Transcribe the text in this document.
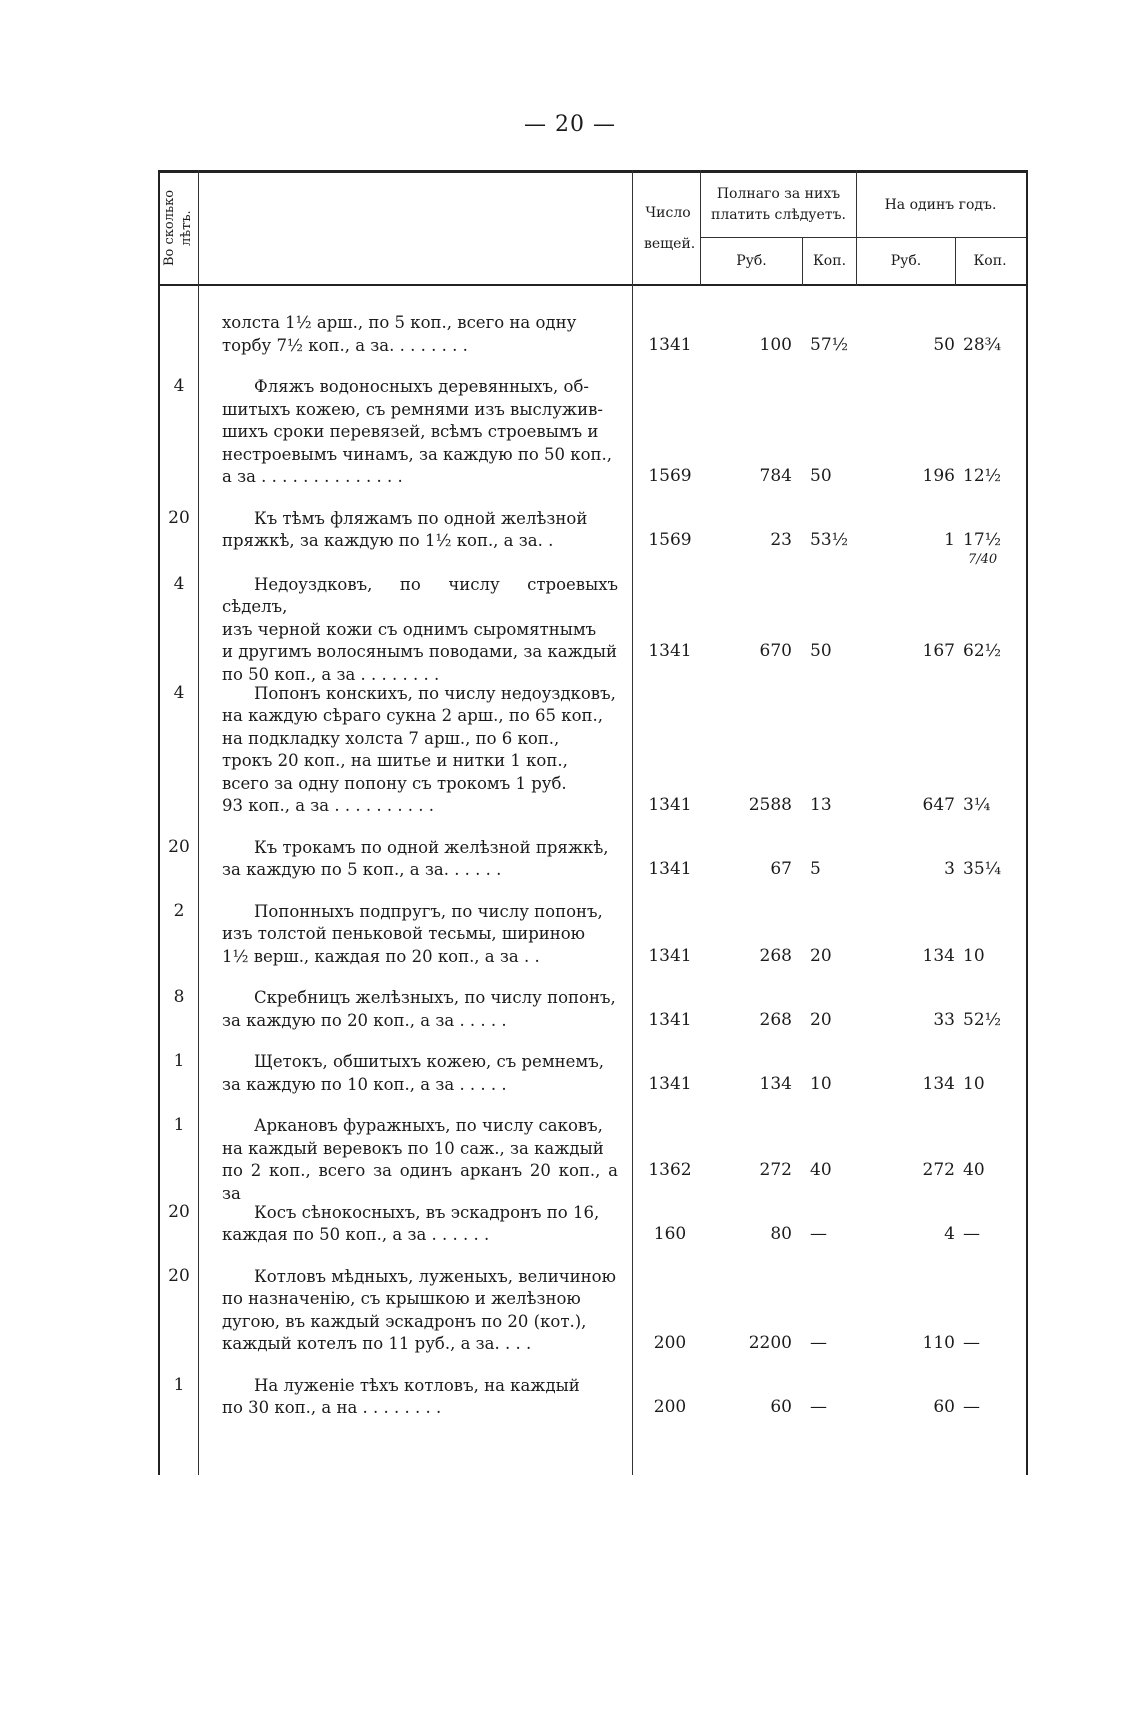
— 20 —
Во сколько лѣтъ.	Число вещей.
Полнаго за нихъ платить слѣдуетъ.
На одинъ годъ.
Руб.	Коп.	Руб.	Коп.
холста 1½ арш., по 5 коп., всего на одну
торбу 7½ коп., а за. . . . . . . .	1341	100 57½	50 28¾
4	Фляжъ водоносныхъ деревянныхъ, об-
шитыхъ кожею, съ ремнями изъ выслужив-
шихъ сроки перевязей, всѣмъ строевымъ и
нестроевымъ чинамъ, за каждую по 50 коп.,
а за . . . . . . . . . . . . . .	1569	784 50	196 12½
20	Къ тѣмъ фляжамъ по одной желѣзной
пряжкѣ, за каждую по 1½ коп., а за. .	1569	23 53½	1 17½
7/40
4	Недоуздковъ, по числу строевыхъ сѣделъ,
изъ черной кожи съ однимъ сыромятнымъ
и другимъ волосянымъ поводами, за каждый
по 50 коп., а за . . . . . . . .
1341	670 50	167 62½
4	Попонъ конскихъ, по числу недоуздковъ,
на каждую сѣраго сукна 2 арш., по 65 коп.,
на подкладку холста 7 арш., по 6 коп.,
трокъ 20 коп., на шитье и нитки 1 коп.,
всего за одну попону съ трокомъ 1 руб.
93 коп., а за . . . . . . . . . .	1341	2588 13	647 3¼
20	Къ трокамъ по одной желѣзной пряжкѣ,
за каждую по 5 коп., а за. . . . . .	1341	67 5	3 35¼
2	Попонныхъ подпругъ, по числу попонъ,
изъ толстой пеньковой тесьмы, шириною
1½ верш., каждая по 20 коп., а за . .	1341	268 20	134 10
8	Скребницъ желѣзныхъ, по числу попонъ,
за каждую по 20 коп., а за . . . . .	1341	268 20	33 52½
1	Щетокъ, обшитыхъ кожею, съ ремнемъ,
за каждую по 10 коп., а за . . . . .	1341	134 10	134 10
1	Аркановъ фуражныхъ, по числу саковъ,
на каждый веревокъ по 10 саж., за каждый
по 2 коп., всего за одинъ арканъ 20 коп., а за
1362	272 40	272 40
20	Косъ сѣнокосныхъ, въ эскадронъ по 16,
каждая по 50 коп., а за . . . . . .	160	80 —	4 —
20	Котловъ мѣдныхъ, луженыхъ, величиною
по назначенію, съ крышкою и желѣзною
дугою, въ каждый эскадронъ по 20 (кот.),
каждый котелъ по 11 руб., а за. . . .	200	2200 —	110 —
1	На луженіе тѣхъ котловъ, на каждый
по 30 коп., а на . . . . . . . .	200	60 —	60 —
